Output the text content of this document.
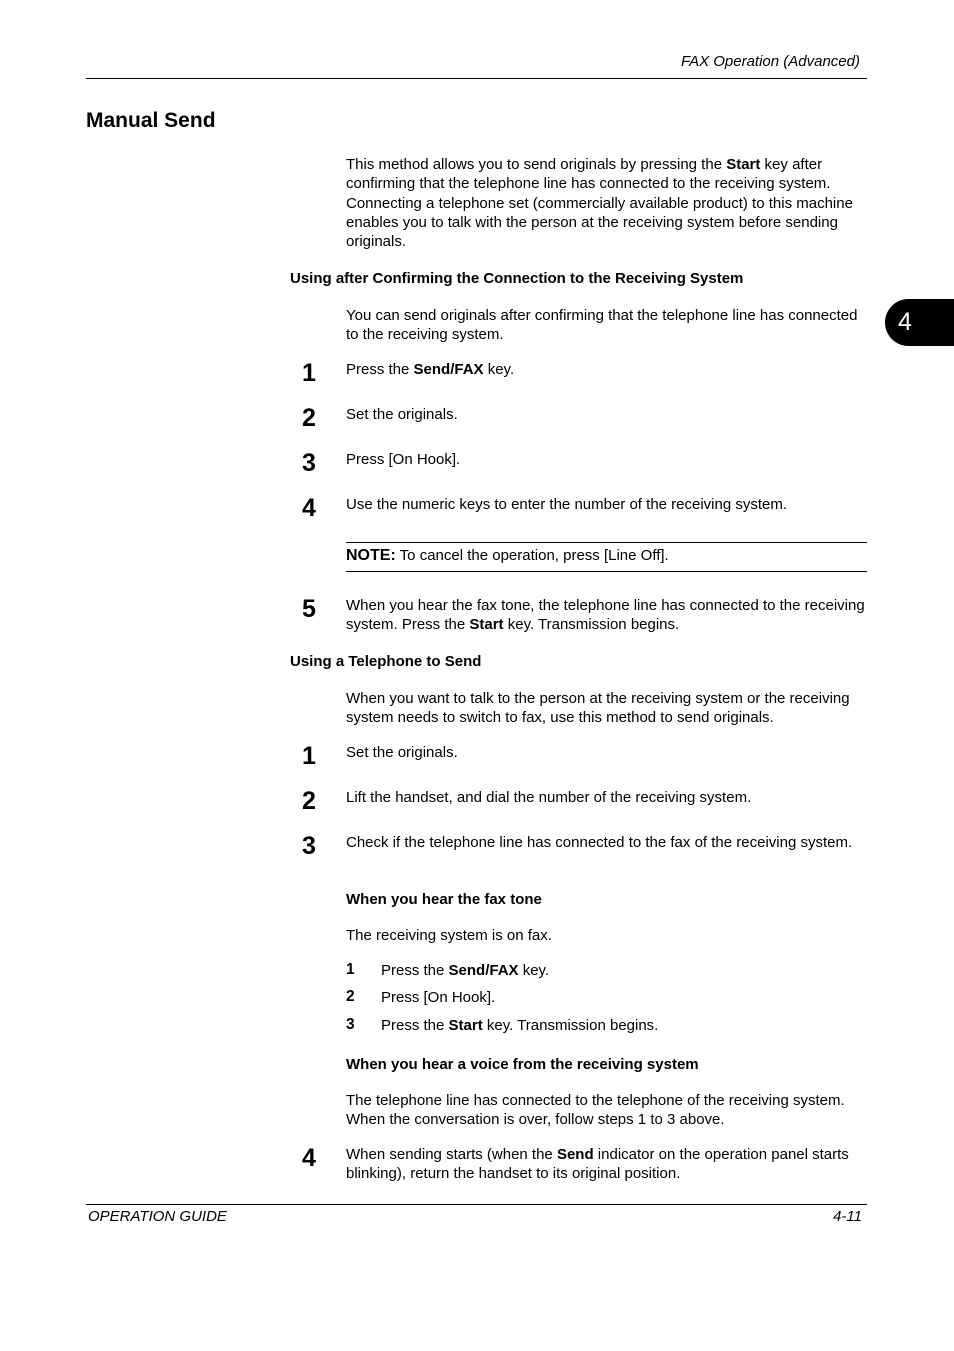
FAX Operation (Advanced)
4
Manual Send
This method allows you to send originals by pressing the Start key after confirming that the telephone line has connected to the receiving system. Connecting a telephone set (commercially available product) to this machine enables you to talk with the person at the receiving system before sending originals.
Using after Confirming the Connection to the Receiving System
You can send originals after confirming that the telephone line has connected to the receiving system.
1	Press the Send/FAX key.
2	Set the originals.
3	Press [On Hook].
4	Use the numeric keys to enter the number of the receiving system.
NOTE: To cancel the operation, press [Line Off].
5	When you hear the fax tone, the telephone line has connected to the receiving system. Press the Start key. Transmission begins.
Using a Telephone to Send
When you want to talk to the person at the receiving system or the receiving system needs to switch to fax, use this method to send originals.
1	Set the originals.
2	Lift the handset, and dial the number of the receiving system.
3	Check if the telephone line has connected to the fax of the receiving system.
When you hear the fax tone
The receiving system is on fax.
1 Press the Send/FAX key.
2 Press [On Hook].
3 Press the Start key. Transmission begins.
When you hear a voice from the receiving system
The telephone line has connected to the telephone of the receiving system. When the conversation is over, follow steps 1 to 3 above.
4	When sending starts (when the Send indicator on the operation panel starts blinking), return the handset to its original position.
OPERATION GUIDE	4-11
